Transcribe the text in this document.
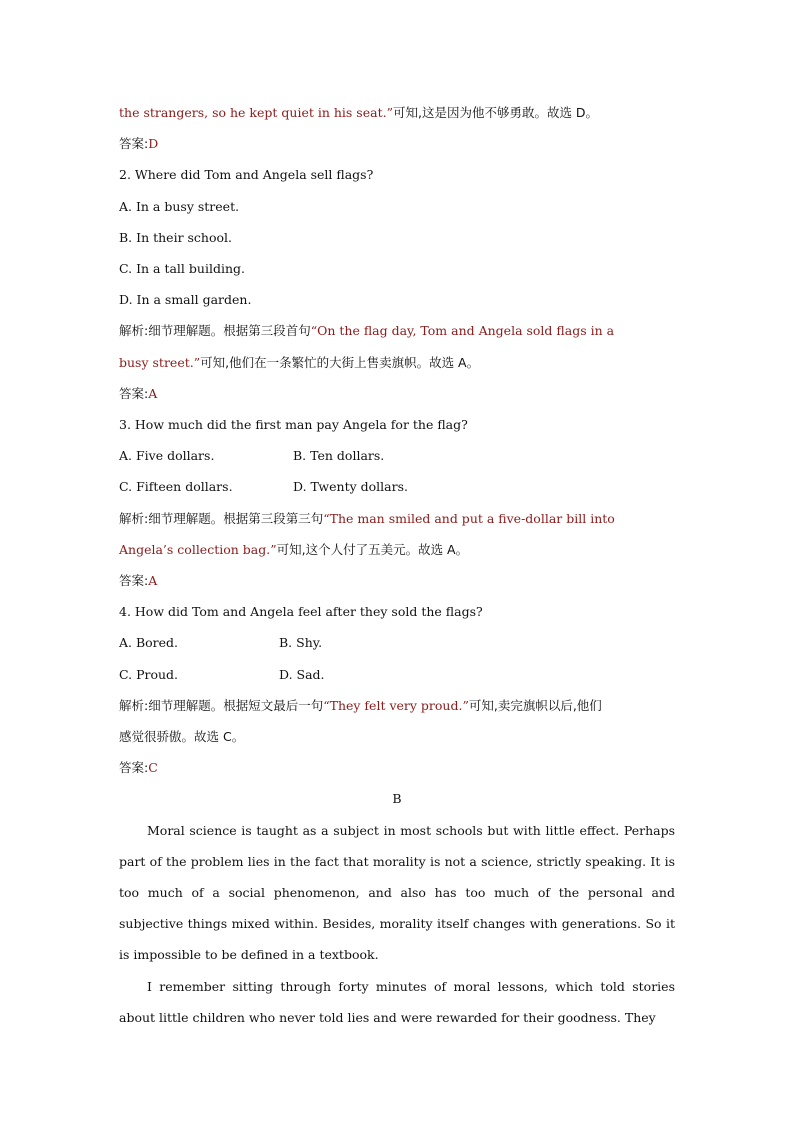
the strangers, so he kept quiet in his seat.”可知,这是因为他不够勇敢。故选 D。
答案:D
2. Where did Tom and Angela sell flags?
A. In a busy street.
B. In their school.
C. In a tall building.
D. In a small garden.
解析:细节理解题。根据第三段首句“On the flag day, Tom and Angela sold flags in a
busy street.”可知,他们在一条繁忙的大街上售卖旗帜。故选 A。
答案:A
3. How much did the first man pay Angela for the flag?
A. Five dollars.	B. Ten dollars.
C. Fifteen dollars.	D. Twenty dollars.
解析:细节理解题。根据第三段第三句“The man smiled and put a five-dollar bill into
Angela’s collection bag.”可知,这个人付了五美元。故选 A。
答案:A
4. How did Tom and Angela feel after they sold the flags?
A. Bored.	B. Shy.
C. Proud.	D. Sad.
解析:细节理解题。根据短文最后一句“They felt very proud.”可知,卖完旗帜以后,他们
感觉很骄傲。故选 C。
答案:C
B
Moral science is taught as a subject in most schools but with little effect. Perhaps part of the problem lies in the fact that morality is not a science, strictly speaking. It is too much of a social phenomenon, and also has too much of the personal and subjective things mixed within. Besides, morality itself changes with generations. So it is impossible to be defined in a textbook.
I remember sitting through forty minutes of moral lessons, which told stories about little children who never told lies and were rewarded for their goodness. They
